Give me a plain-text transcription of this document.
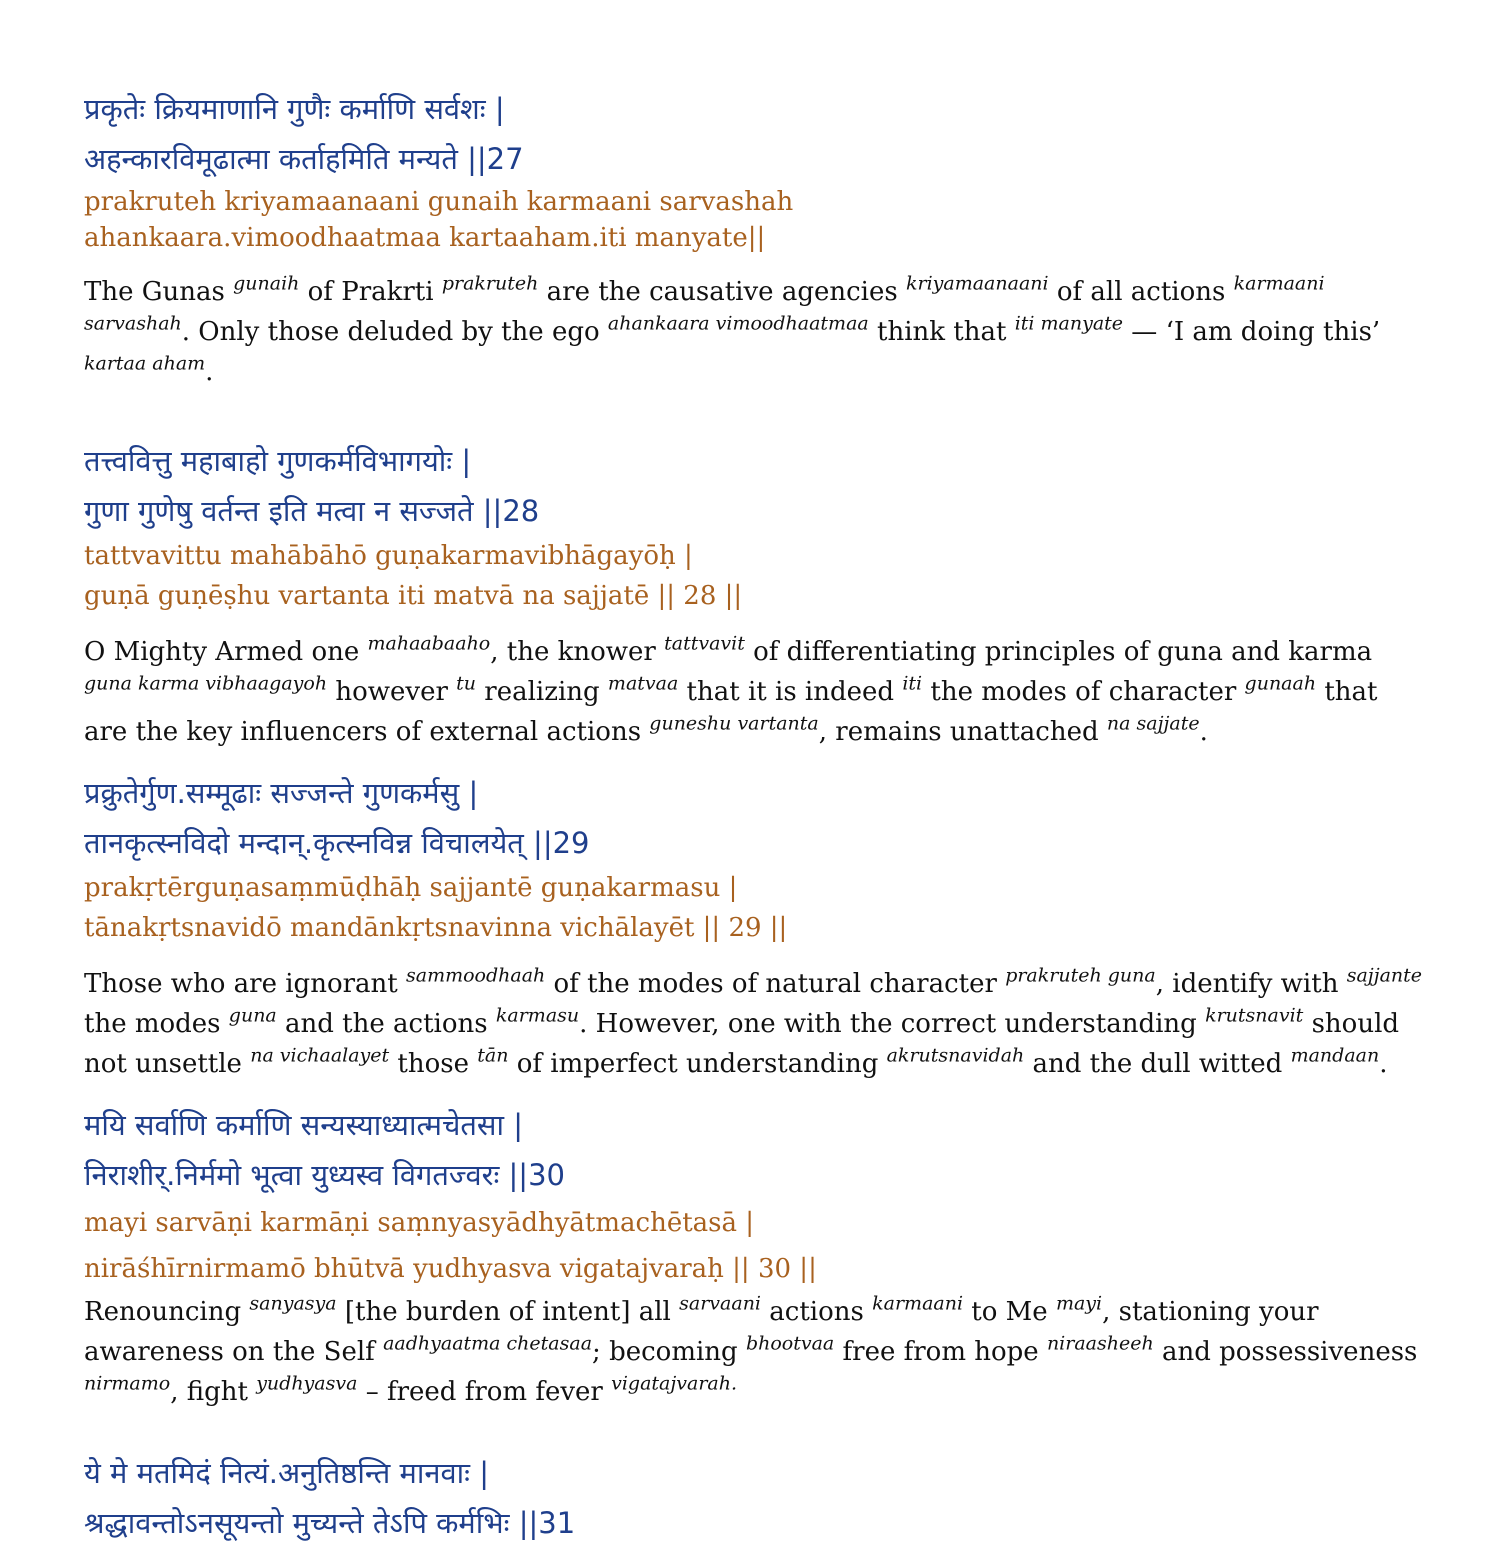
प्रकृतेः क्रियमाणानि गुणैः कर्माणि सर्वशः |
अहन्कारविमूढात्मा कर्ताहमिति मन्यते ||27
prakruteh kriyamaanaani gunaih karmaani sarvashah
ahankaara.vimoodhaatmaa kartaaham.iti manyate||

The Gunas $^{gunaih}$ of Prakrti $^{prakruteh}$ are the causative agencies $^{kriyamaanaani}$ of all actions $^{karmaani sarvashah}$. Only those deluded by the ego $^{ahankaara vimoodhaatmaa}$ think that $^{iti manyate}$ — ‘I am doing this’ $^{kartaa aham}$.

तत्त्ववित्तु महाबाहो गुणकर्मविभागयोः |
गुणा गुणेषु वर्तन्त इति मत्वा न सज्जते ||28
tattvavittu mahābāhō guṇakarmavibhāgayōḥ |
guṇā guṇēṣhu vartanta iti matvā na sajjatē || 28 ||

O Mighty Armed one $^{mahaabaaho}$, the knower $^{tattvavit}$ of differentiating principles of guna and karma $^{guna karma vibhaagayoh}$ however $^{tu}$ realizing $^{matvaa}$ that it is indeed $^{iti}$ the modes of character $^{gunaah}$ that are the key influencers of external actions $^{guneshu vartanta}$, remains unattached $^{na sajjate}$.

प्रक्रुतेर्गुण.सम्मूढाः सज्जन्ते गुणकर्मसु |
तानकृत्स्नविदो मन्दान्.कृत्स्नविन्न विचालयेत् ||29
prakṛtērguṇasaṃmūḍhāḥ sajjantē guṇakarmasu |
tānakṛtsnavidō mandānkṛtsnavinna vichālayēt || 29 ||

Those who are ignorant $^{sammoodhaah}$ of the modes of natural character $^{prakruteh guna}$, identify with $^{sajjante}$ the modes $^{guna}$ and the actions $^{karmasu}$. However, one with the correct understanding $^{krutsnavit}$ should not unsettle $^{na vichaalayet}$ those $^{tān}$ of imperfect understanding $^{akrutsnavidah}$ and the dull witted $^{mandaan}$.

मयि सर्वाणि कर्माणि सन्यस्याध्यात्मचेतसा |
निराशीर्.निर्ममो भूत्वा युध्यस्व विगतज्वरः ||30
mayi sarvāṇi karmāṇi saṃnyasyādhyātmachētasā |
nirāśhīrnirmamō bhūtvā yudhyasva vigatajvaraḥ || 30 ||

Renouncing $^{sanyasya}$ [the burden of intent] all $^{sarvaani}$ actions $^{karmaani}$ to Me $^{mayi}$, stationing your awareness on the Self $^{aadhyaatma chetasaa}$; becoming $^{bhootvaa}$ free from hope $^{niraasheeh}$ and possessiveness $^{nirmamo}$, fight $^{yudhyasva}$ – freed from fever $^{vigatajvarah.}$

ये मे मतमिदं नित्यं.अनुतिष्ठन्ति मानवाः |
श्रद्धावन्तोऽनसूयन्तो मुच्यन्ते तेऽपि कर्मभिः ||31
